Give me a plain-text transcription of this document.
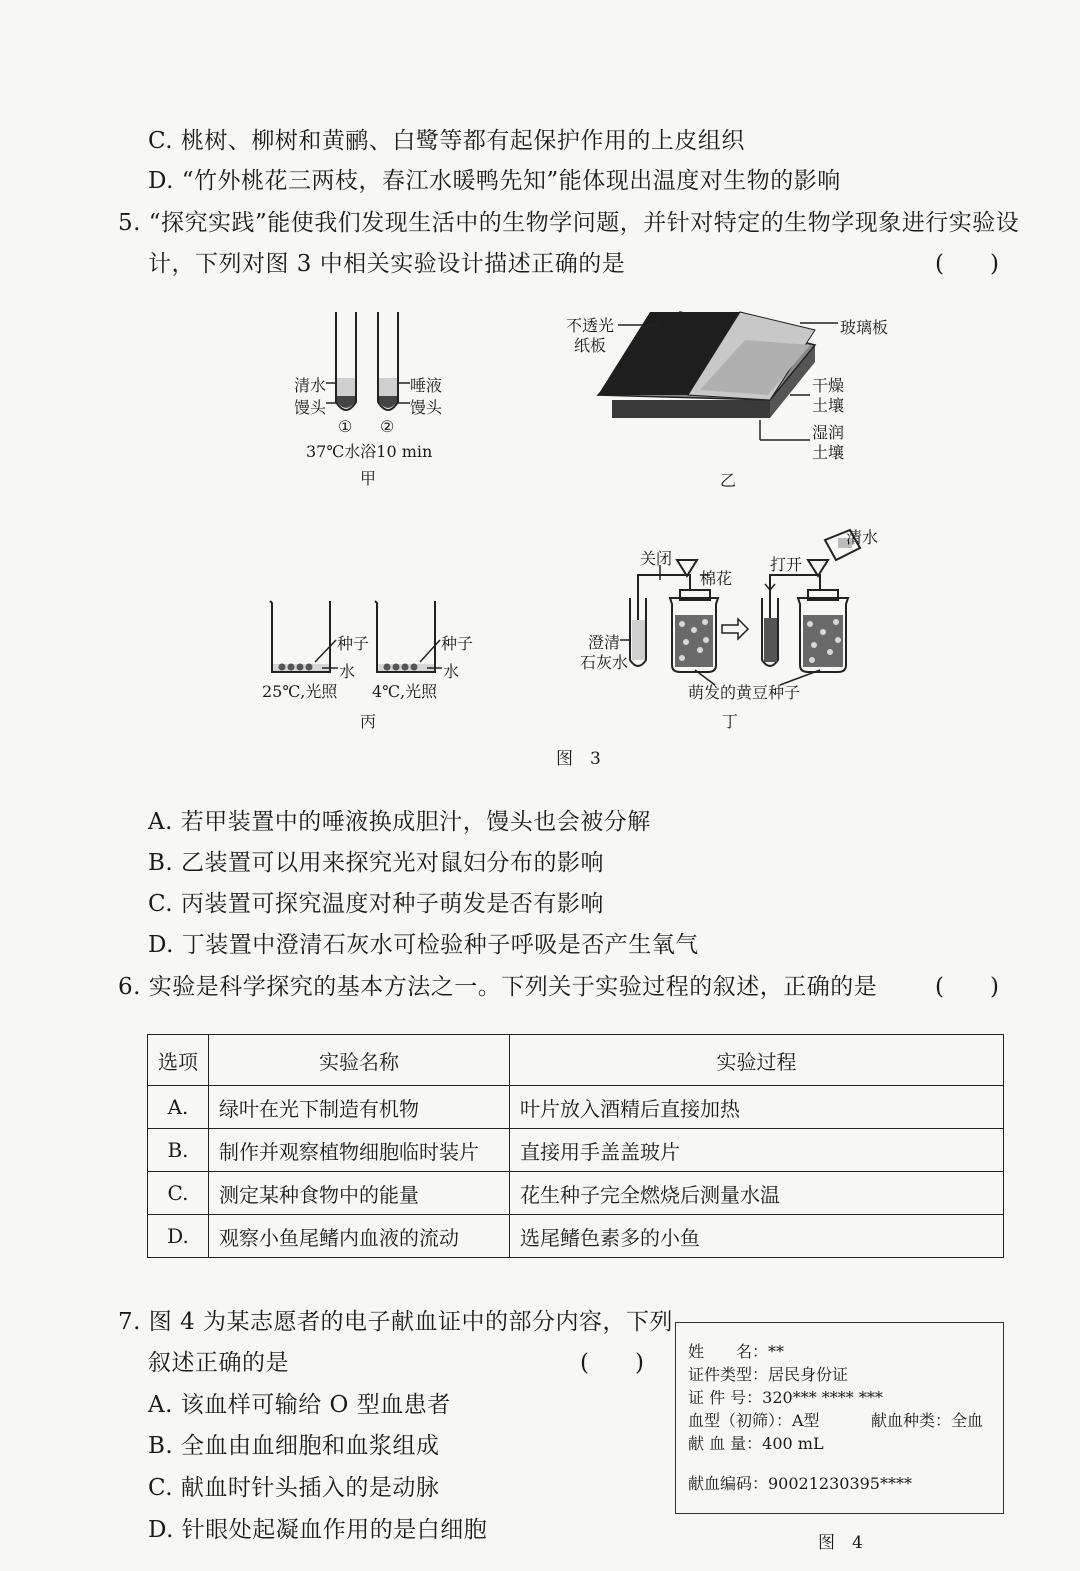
C. 桃树、柳树和黄鹂、白鹭等都有起保护作用的上皮组织
D. “竹外桃花三两枝，春江水暖鸭先知”能体现出温度对生物的影响
5. “探究实践”能使我们发现生活中的生物学问题，并针对特定的生物学现象进行实验设
计，下列对图 3 中相关实验设计描述正确的是	(　　)
清水
馒头
唾液
馒头
① ②
37℃水浴10 min
甲
不透光
纸板
玻璃板
干燥
土壤
湿润
土壤
乙
种子
水
种子
水
25℃,光照 4℃,光照
丙
关闭
棉花
打开
清水
澄清
石灰水
萌发的黄豆种子
丁
图　3
A. 若甲装置中的唾液换成胆汁，馒头也会被分解
B. 乙装置可以用来探究光对鼠妇分布的影响
C. 丙装置可探究温度对种子萌发是否有影响
D. 丁装置中澄清石灰水可检验种子呼吸是否产生氧气
6. 实验是科学探究的基本方法之一。下列关于实验过程的叙述，正确的是	(　　)
选项	实验名称	实验过程
A.	绿叶在光下制造有机物	叶片放入酒精后直接加热
B.	制作并观察植物细胞临时装片	直接用手盖盖玻片
C.	测定某种食物中的能量	花生种子完全燃烧后测量水温
D.	观察小鱼尾鳍内血液的流动	选尾鳍色素多的小鱼
7. 图 4 为某志愿者的电子献血证中的部分内容，下列
叙述正确的是	(　　)
A. 该血样可输给 O 型血患者
B. 全血由血细胞和血浆组成
C. 献血时针头插入的是动脉
D. 针眼处起凝血作用的是白细胞
姓　　名：**
证件类型：居民身份证
证 件 号：320*** **** ***
血型（初筛）：A型	献血种类：全血
献 血 量：400 mL
献血编码：90021230395****
图　4
